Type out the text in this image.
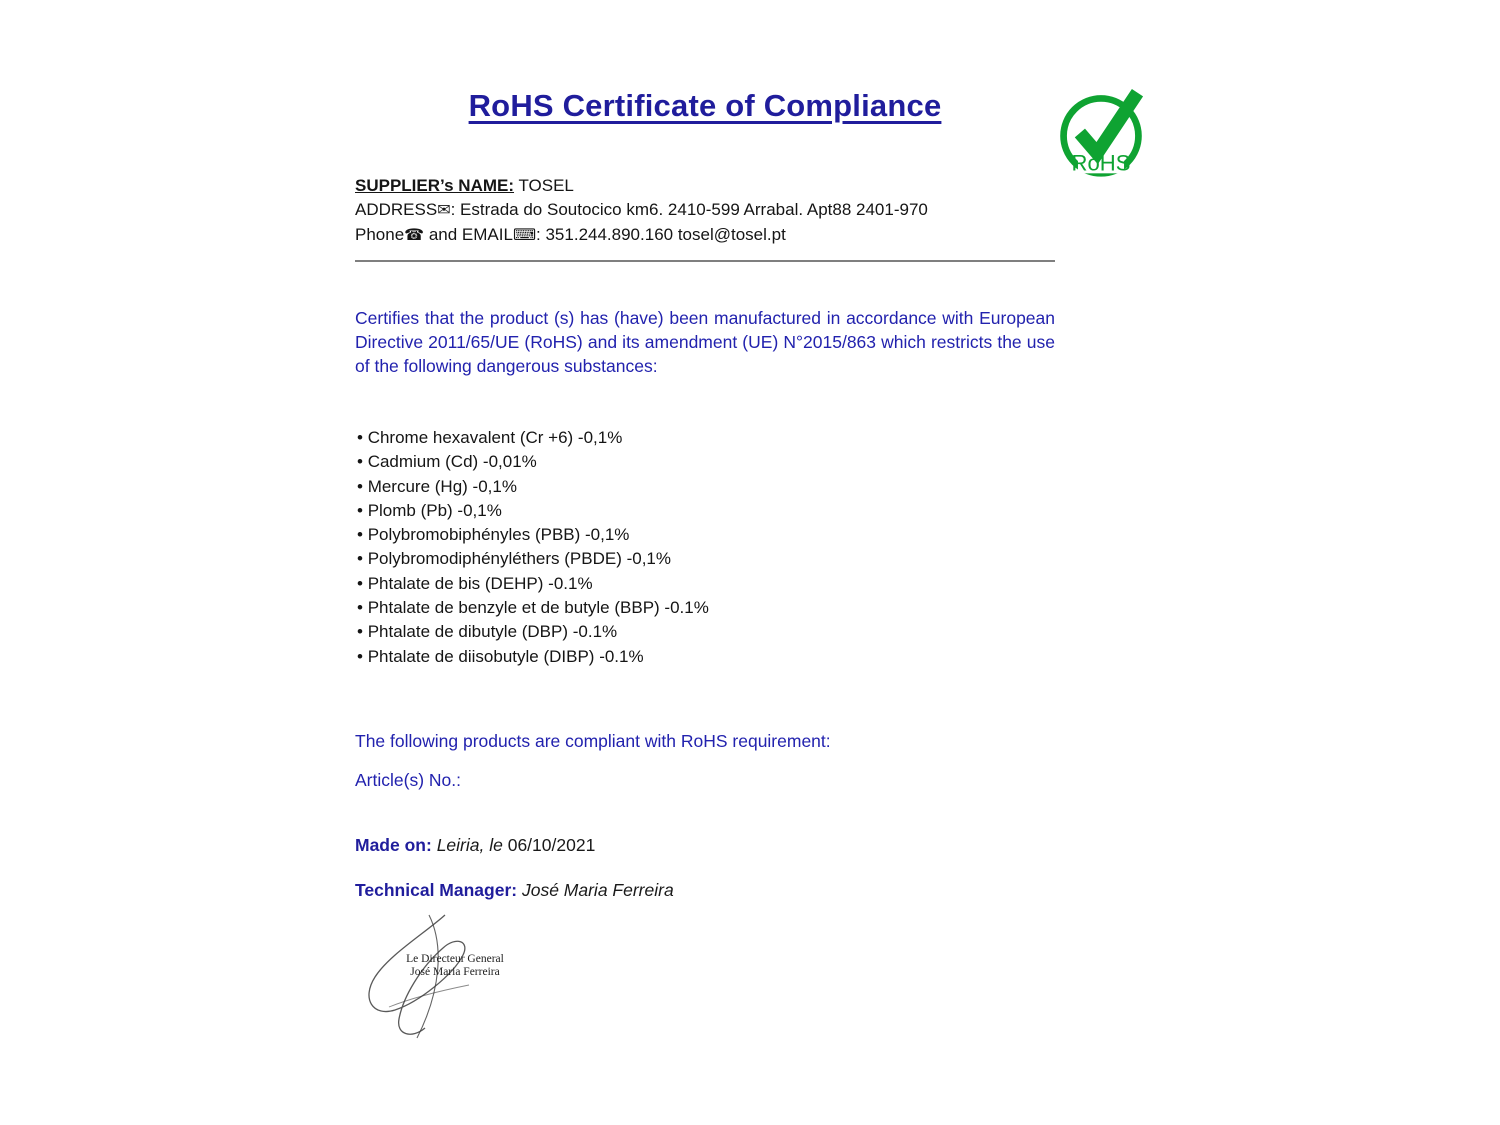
RoHS
RoHS Certificate of Compliance
SUPPLIER’s NAME: TOSEL
ADDRESS✉: Estrada do Soutocico km6. 2410-599 Arrabal. Apt88 2401-970
Phone☎ and EMAIL⌨: 351.244.890.160 tosel@tosel.pt

Certifies that the product (s) has (have) been manufactured in accordance with European Directive 2011/65/UE (RoHS) and its amendment (UE) N°2015/863 which restricts the use of the following dangerous substances:

• Chrome hexavalent (Cr +6) -0,1%
• Cadmium (Cd) -0,01%
• Mercure (Hg) -0,1%
• Plomb (Pb) -0,1%
• Polybromobiphényles (PBB) -0,1%
• Polybromodiphényléthers (PBDE) -0,1%
• Phtalate de bis (DEHP) -0.1%
• Phtalate de benzyle et de butyle (BBP) -0.1%
• Phtalate de dibutyle (DBP) -0.1%
• Phtalate de diisobutyle (DIBP) -0.1%
The following products are compliant with RoHS requirement:
Article(s) No.:
Made on: Leiria, le 06/10/2021
Technical Manager: José Maria Ferreira
Le Directeur General
José Maria Ferreira
